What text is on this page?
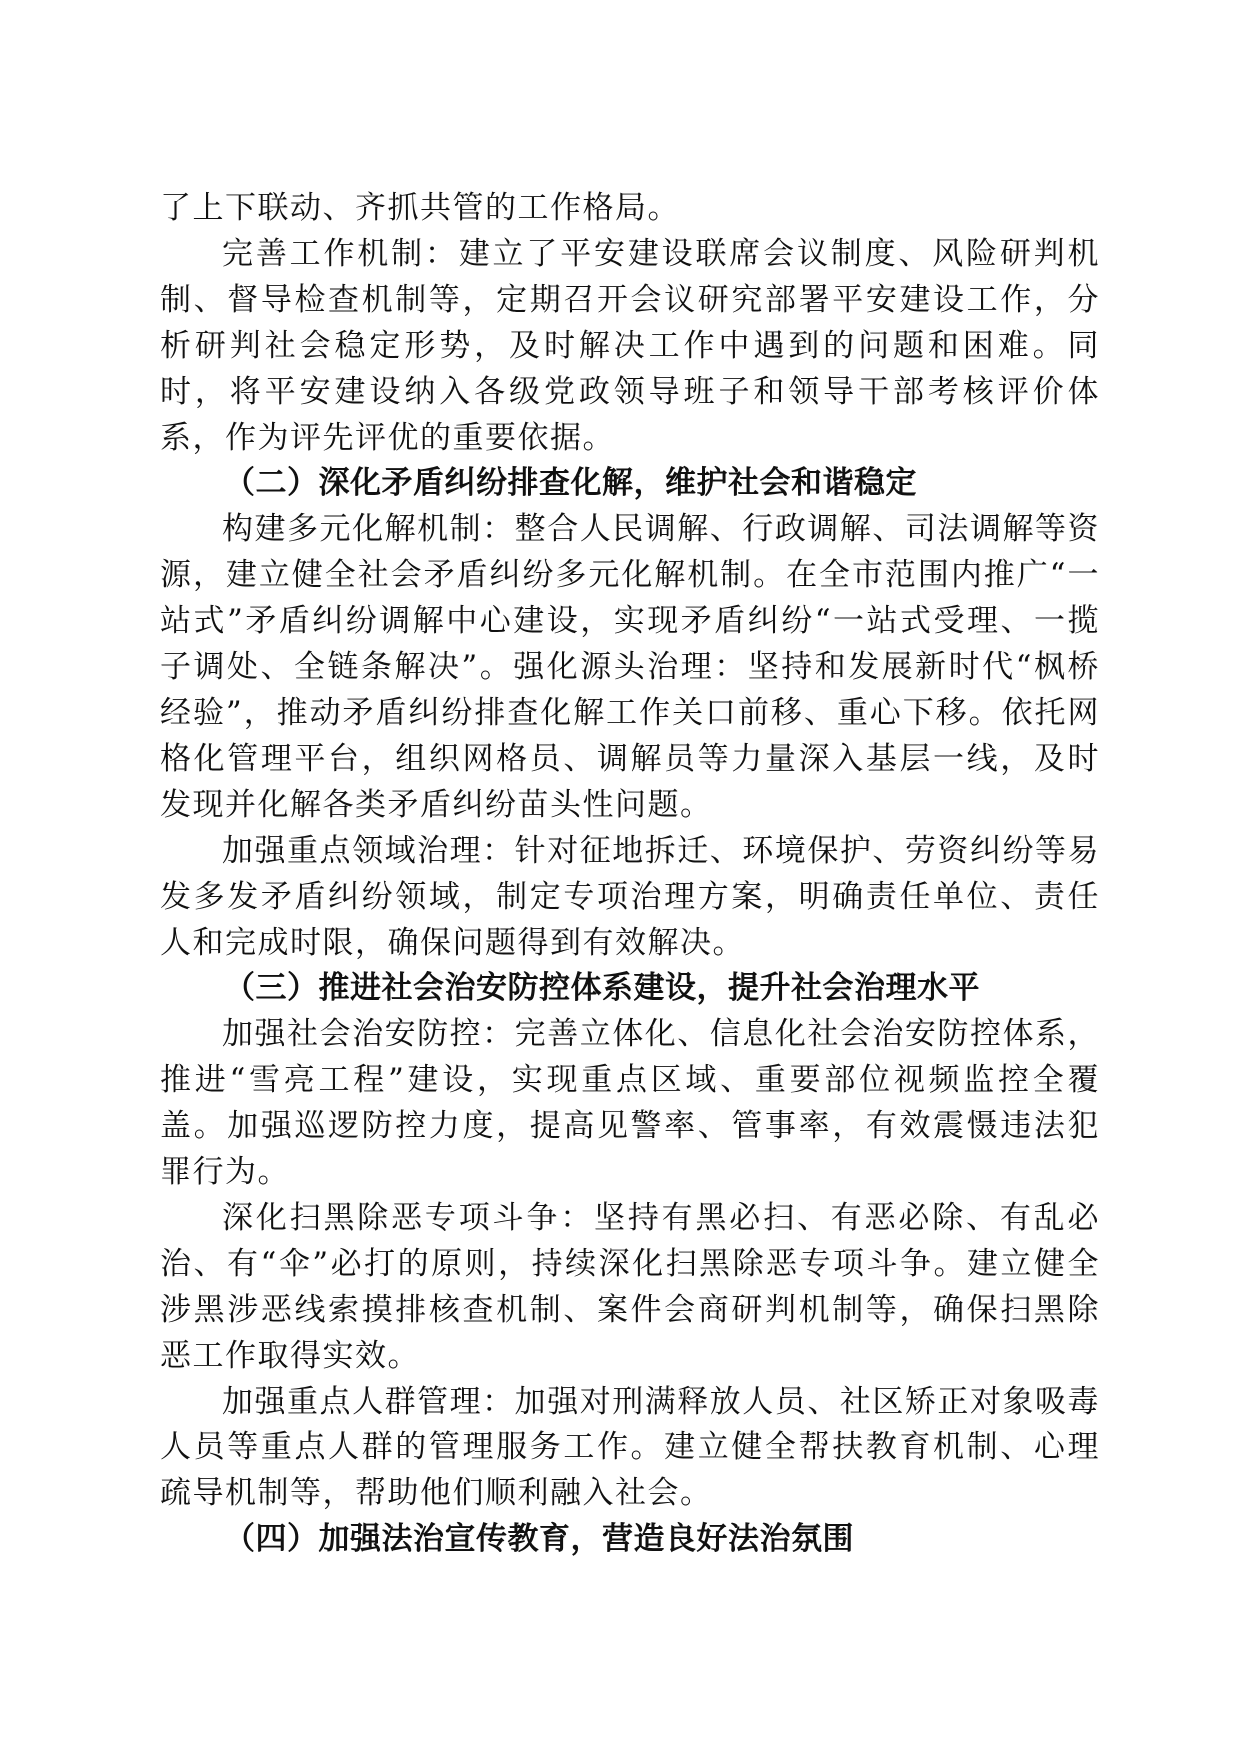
了上下联动、齐抓共管的工作格局。

完善工作机制：建立了平安建设联席会议制度、风险研判机制、督导检查机制等，定期召开会议研究部署平安建设工作，分析研判社会稳定形势，及时解决工作中遇到的问题和困难。同时，将平安建设纳入各级党政领导班子和领导干部考核评价体系，作为评先评优的重要依据。

（二）深化矛盾纠纷排查化解，维护社会和谐稳定

构建多元化解机制：整合人民调解、行政调解、司法调解等资源，建立健全社会矛盾纠纷多元化解机制。在全市范围内推广“一站式”矛盾纠纷调解中心建设，实现矛盾纠纷“一站式受理、一揽子调处、全链条解决”。强化源头治理：坚持和发展新时代“枫桥经验”，推动矛盾纠纷排查化解工作关口前移、重心下移。依托网格化管理平台，组织网格员、调解员等力量深入基层一线，及时发现并化解各类矛盾纠纷苗头性问题。

加强重点领域治理：针对征地拆迁、环境保护、劳资纠纷等易发多发矛盾纠纷领域，制定专项治理方案，明确责任单位、责任人和完成时限，确保问题得到有效解决。

（三）推进社会治安防控体系建设，提升社会治理水平

加强社会治安防控：完善立体化、信息化社会治安防控体系，推进“雪亮工程”建设，实现重点区域、重要部位视频监控全覆盖。加强巡逻防控力度，提高见警率、管事率，有效震慑违法犯罪行为。

深化扫黑除恶专项斗争：坚持有黑必扫、有恶必除、有乱必治、有“伞”必打的原则，持续深化扫黑除恶专项斗争。建立健全涉黑涉恶线索摸排核查机制、案件会商研判机制等，确保扫黑除恶工作取得实效。

加强重点人群管理：加强对刑满释放人员、社区矫正对象吸毒人员等重点人群的管理服务工作。建立健全帮扶教育机制、心理疏导机制等，帮助他们顺利融入社会。

（四）加强法治宣传教育，营造良好法治氛围
